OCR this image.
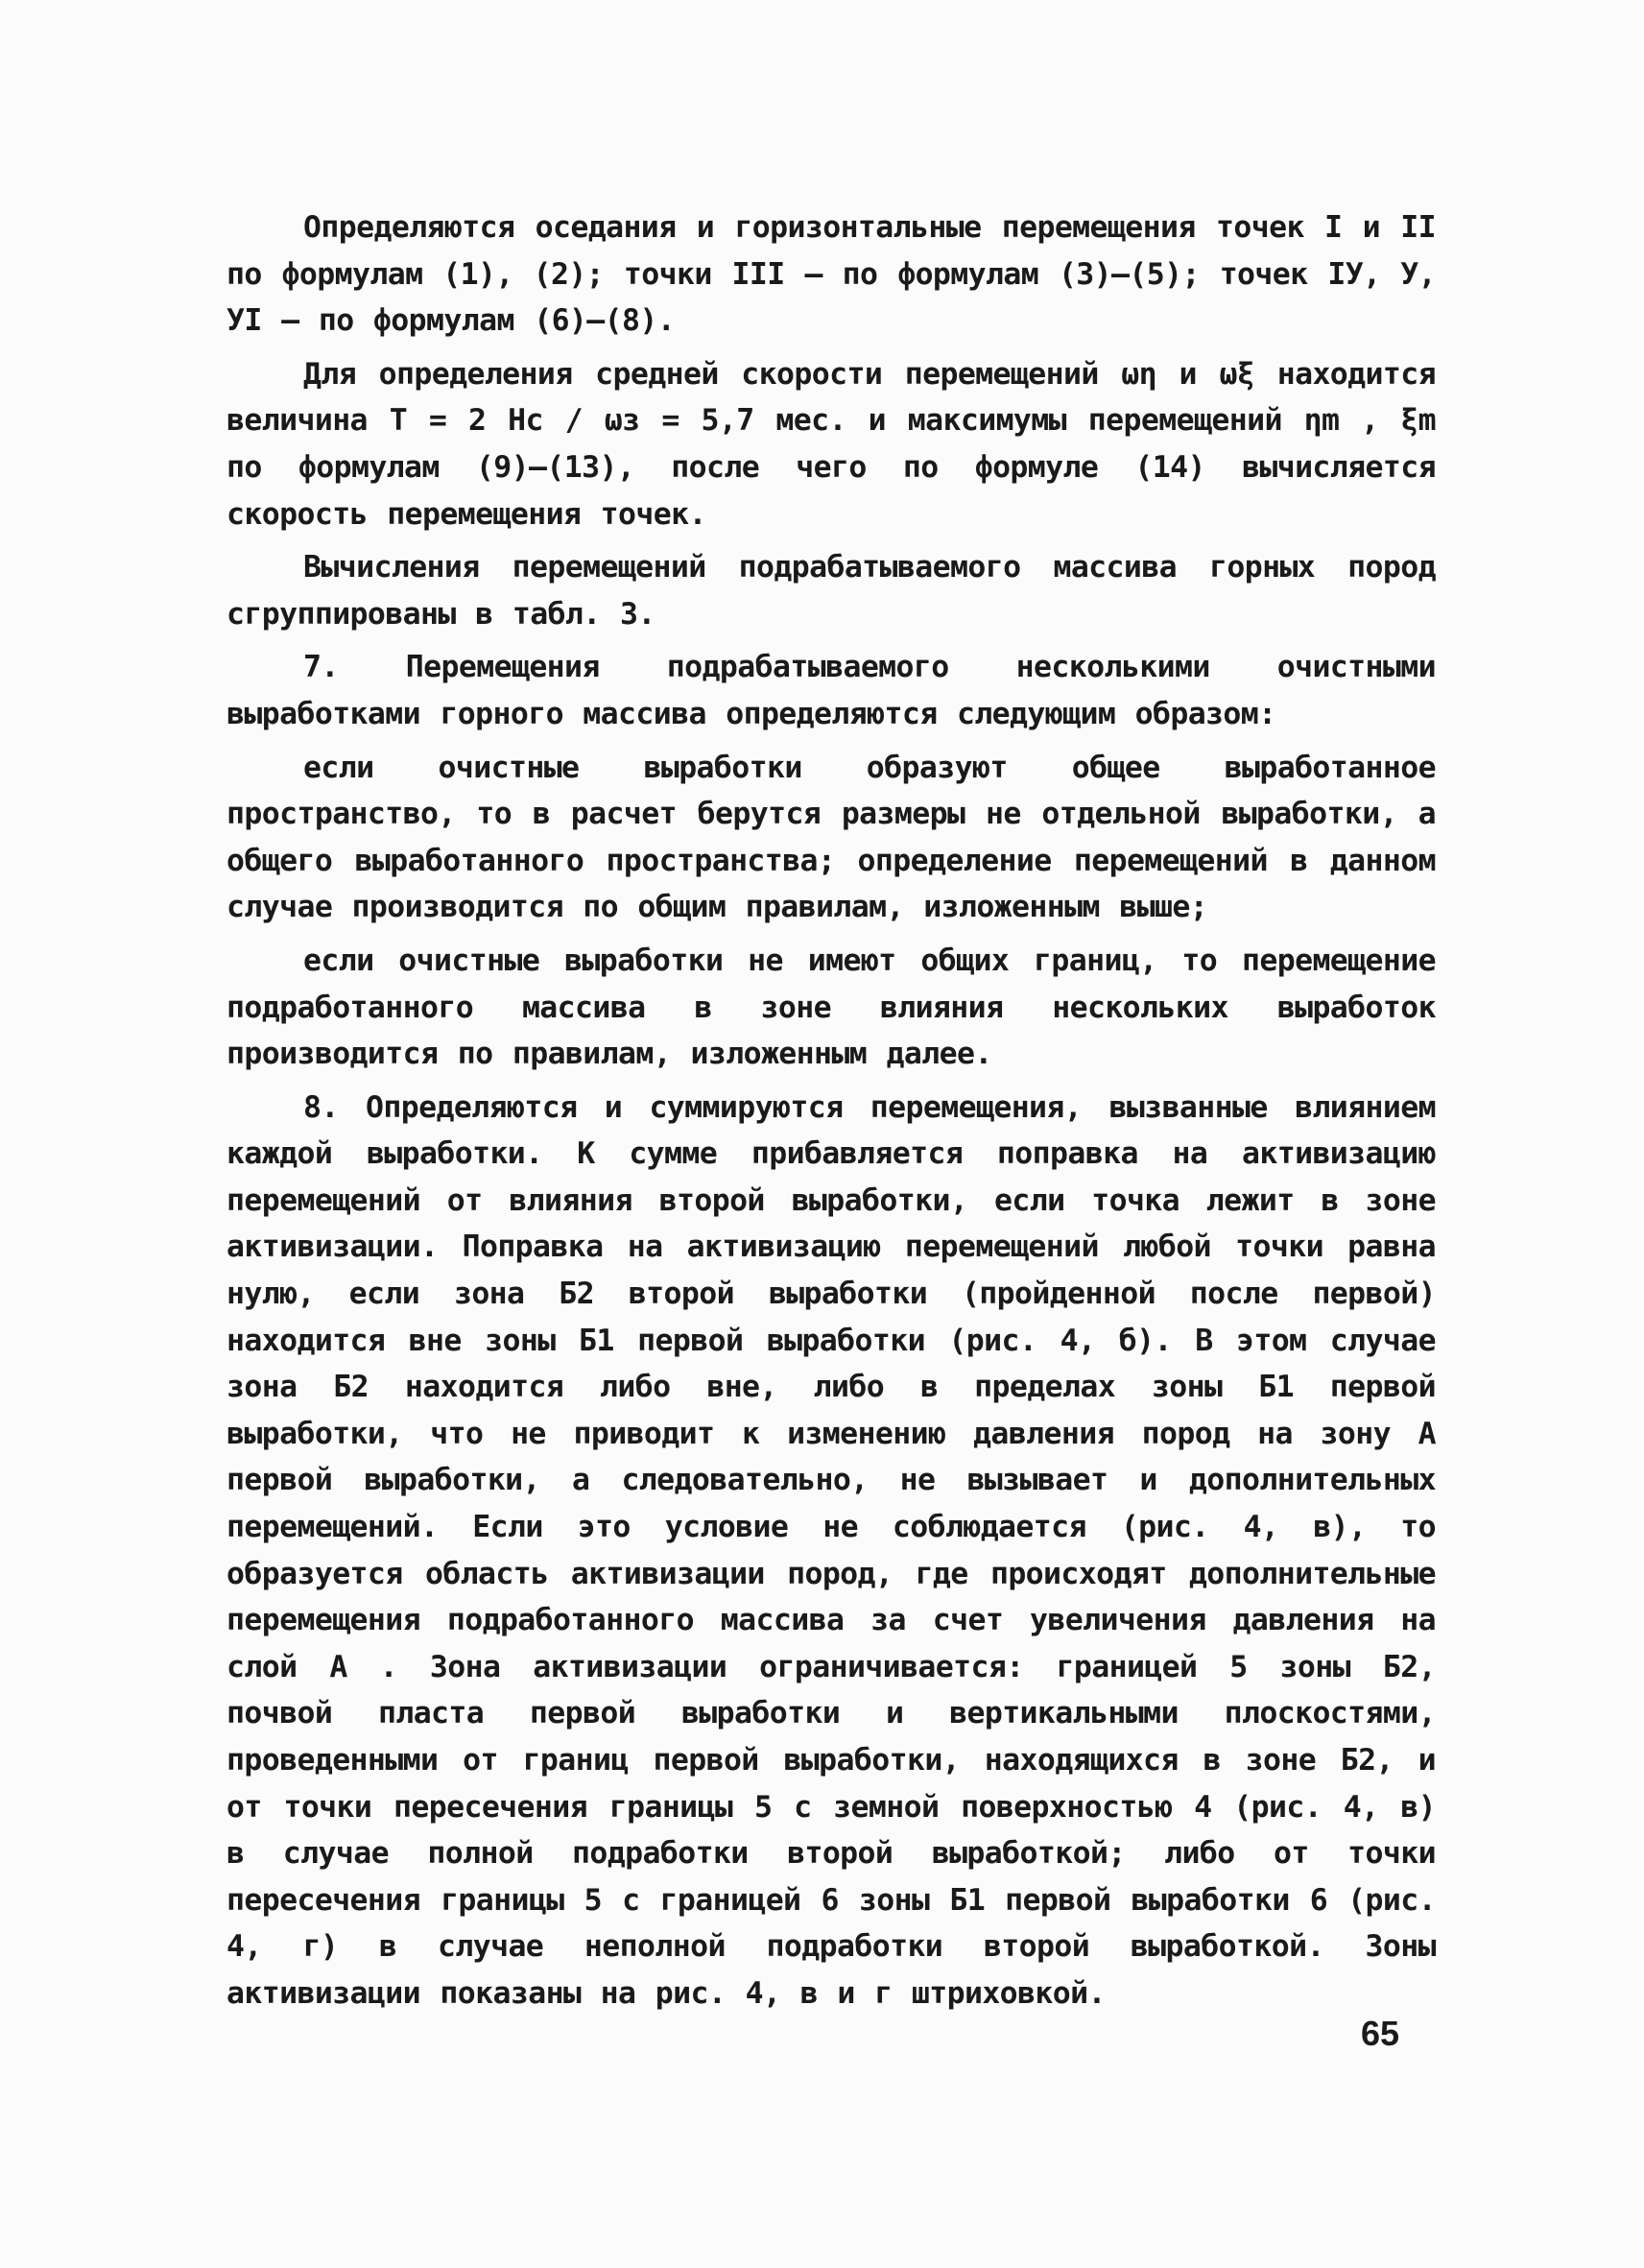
Определяются оседания и горизонтальные перемещения точек I и II по формулам (1), (2); точки III – по формулам (3)–(5); точек IУ, У, УI – по формулам (6)–(8).

Для определения средней скорости перемещений ωη и ωξ находится величина T = 2 Hс / ωз = 5,7 мес. и максимумы перемещений ηm , ξm по формулам (9)–(13), после чего по формуле (14) вычисляется скорость перемещения точек.

Вычисления перемещений подрабатываемого массива горных пород сгруппированы в табл. 3.

7. Перемещения подрабатываемого несколькими очистными выработками горного массива определяются следующим образом:

если очистные выработки образуют общее выработанное пространство, то в расчет берутся размеры не отдельной выработки, а общего выработанного пространства; определение перемещений в данном случае производится по общим правилам, изложенным выше;

если очистные выработки не имеют общих границ, то перемещение подработанного массива в зоне влияния нескольких выработок производится по правилам, изложенным далее.

8. Определяются и суммируются перемещения, вызванные влиянием каждой выработки. К сумме прибавляется поправка на активизацию перемещений от влияния второй выработки, если точка лежит в зоне активизации. Поправка на активизацию перемещений любой точки равна нулю, если зона Б2 второй выработки (пройденной после первой) находится вне зоны Б1 первой выработки (рис. 4, б). В этом случае зона Б2 находится либо вне, либо в пределах зоны Б1 первой выработки, что не приводит к изменению давления пород на зону А первой выработки, а следовательно, не вызывает и дополнительных перемещений. Если это условие не соблюдается (рис. 4, в), то образуется область активизации пород, где происходят дополнительные перемещения подработанного массива за счет увеличения давления на слой А . Зона активизации ограничивается: границей 5 зоны Б2, почвой пласта первой выработки и вертикальными плоскостями, проведенными от границ первой выработки, находящихся в зоне Б2, и от точки пересечения границы 5 с земной поверхностью 4 (рис. 4, в) в случае полной подработки второй выработкой; либо от точки пересечения границы 5 с границей 6 зоны Б1 первой выработки 6 (рис. 4, г) в случае неполной подработки второй выработкой. Зоны активизации показаны на рис. 4, в и г штриховкой.

65
